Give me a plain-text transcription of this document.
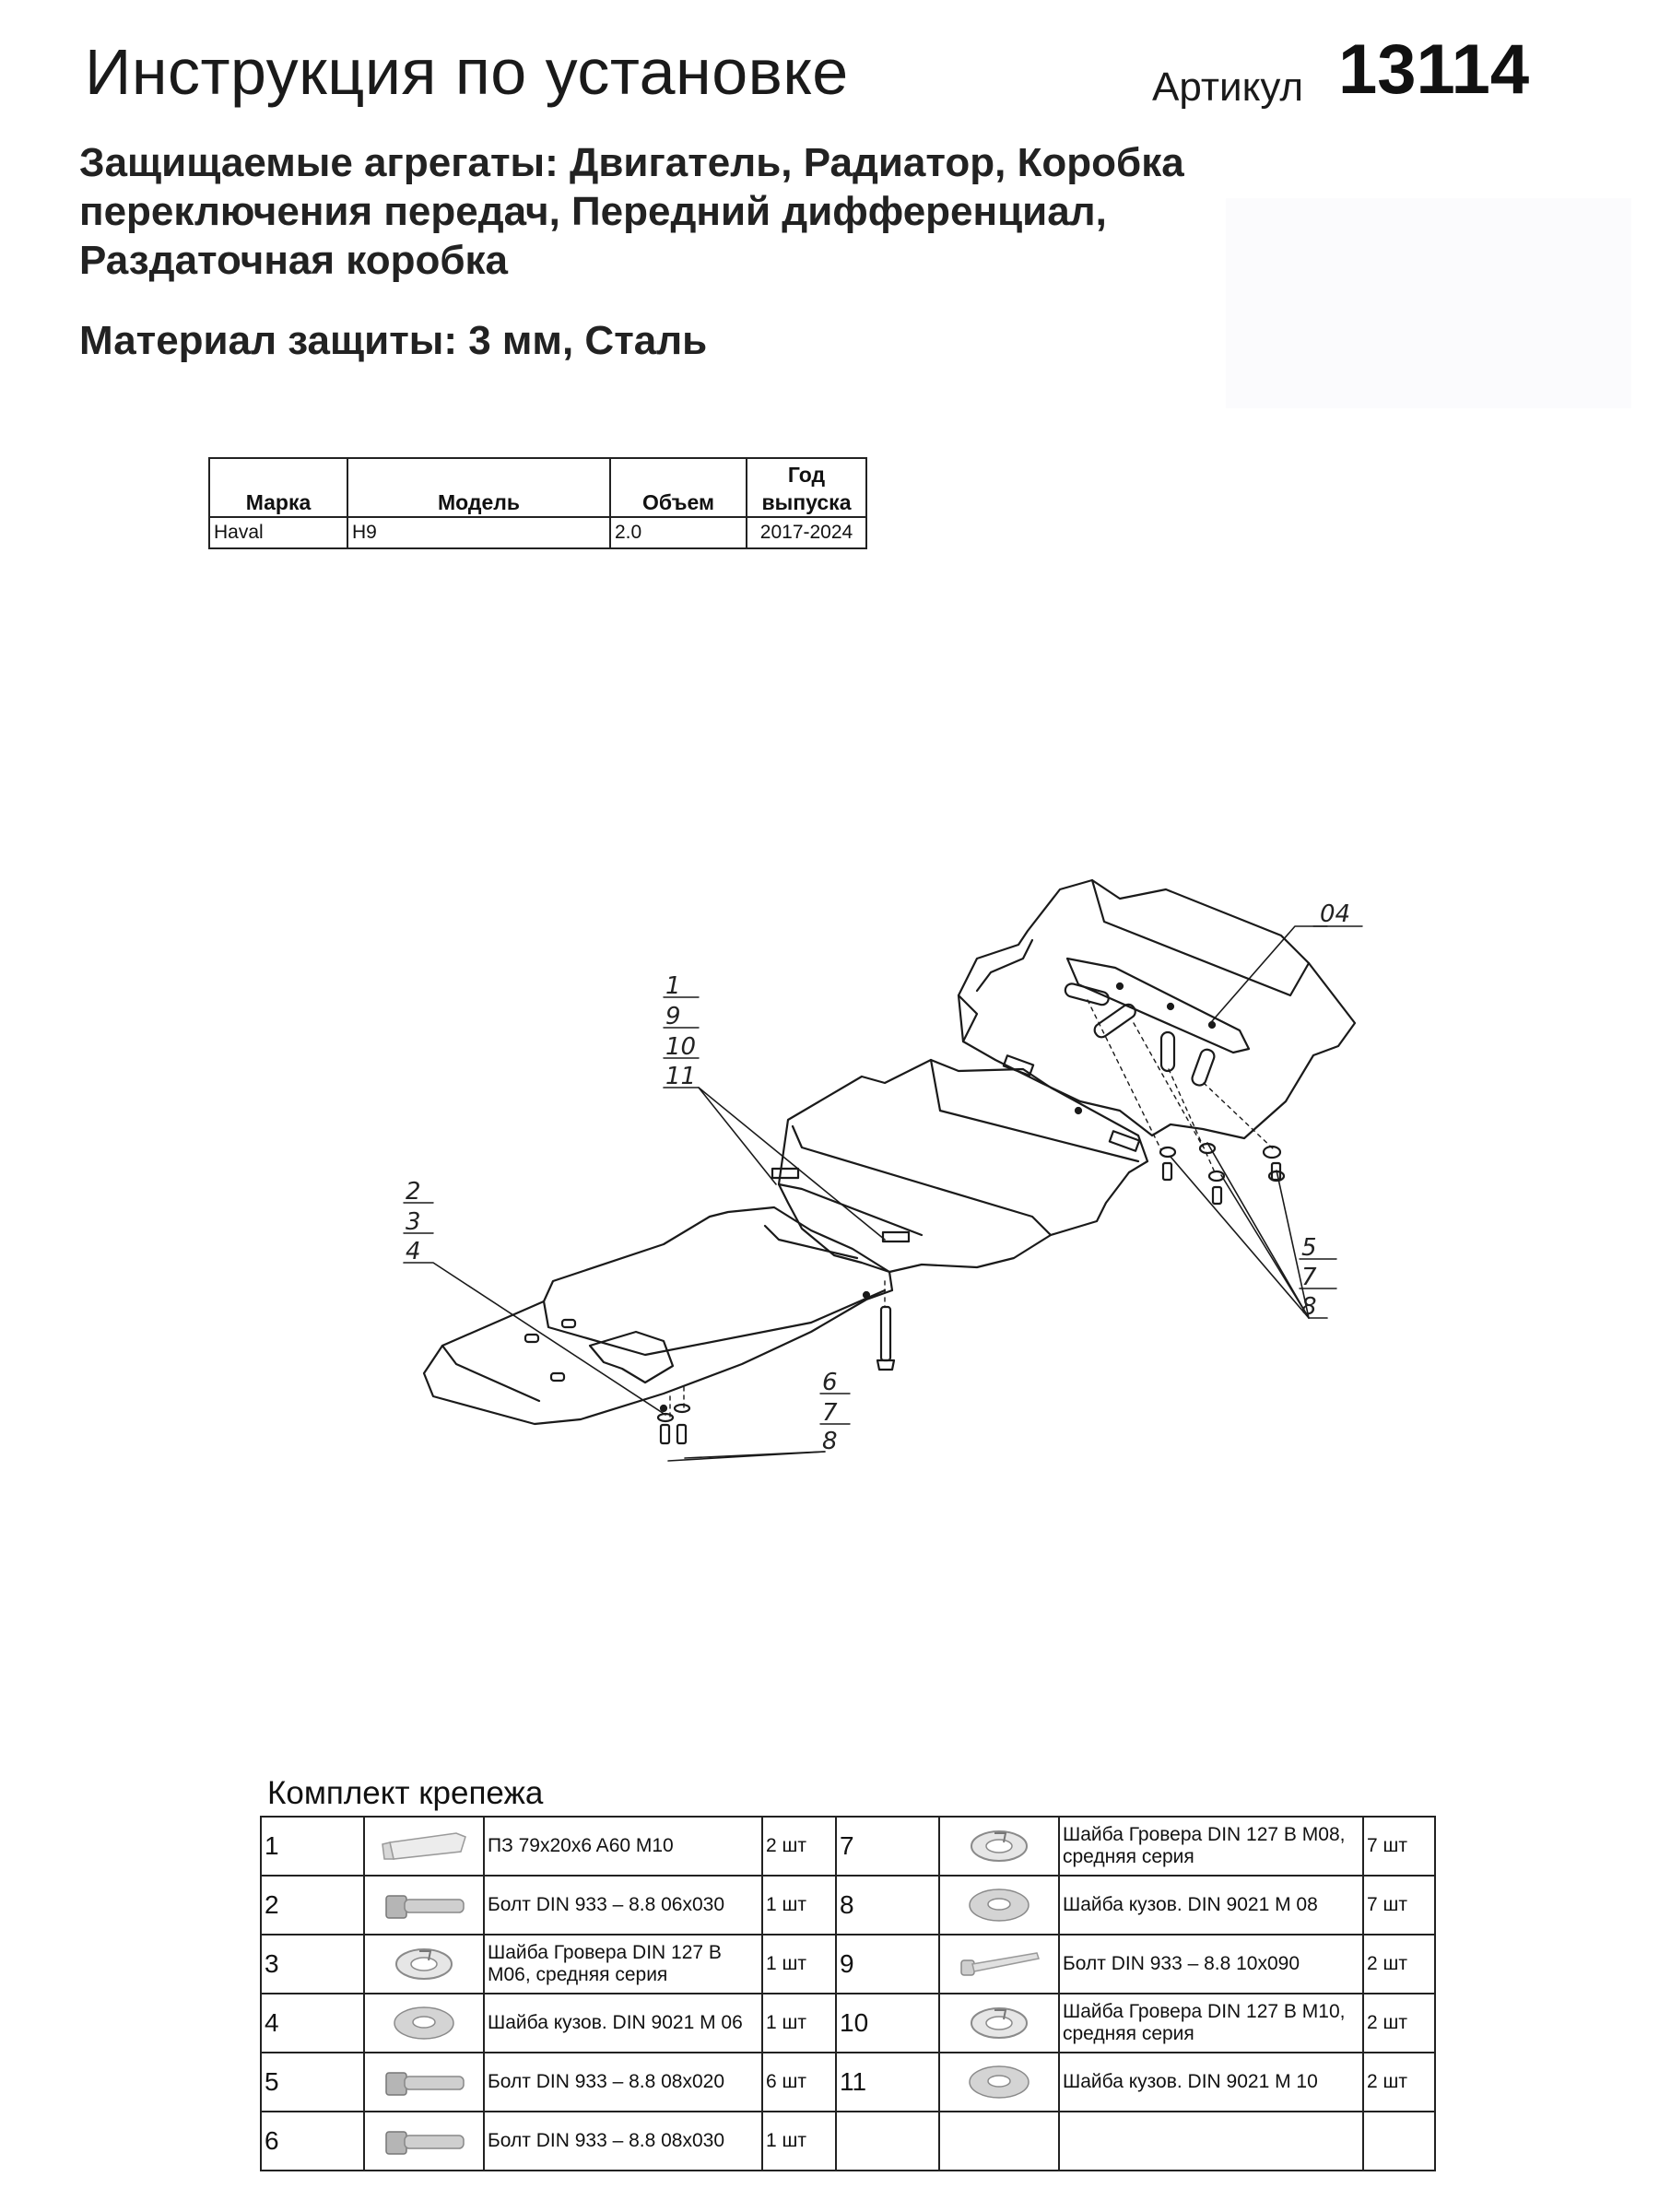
Инструкция по установке	Артикул 13114
Защищаемые агрегаты: Двигатель, Радиатор, Коробка переключения передач, Передний дифференциал, Раздаточная коробка
Материал защиты: 3 мм, Сталь
Марка	Модель	Объем	Год выпуска
Haval	H9	2.0	2017-2024
1
9
10
11
04
2
3
4	5
7
8
6
7
8
Комплект крепежа
1		ПЗ 79x20x6 A60 M10	2 шт	7		Шайба Гровера DIN 127 B M08, средняя серия	7 шт
2		Болт DIN 933 – 8.8 06x030	1 шт	8		Шайба кузов. DIN 9021 M 08	7 шт
3		Шайба Гровера DIN 127 B M06, средняя серия	1 шт	9		Болт DIN 933 – 8.8 10x090	2 шт
4		Шайба кузов. DIN 9021 M 06	1 шт	10		Шайба Гровера DIN 127 B M10, средняя серия	2 шт
5		Болт DIN 933 – 8.8 08x020	6 шт	11		Шайба кузов. DIN 9021 M 10	2 шт
6		Болт DIN 933 – 8.8 08x030	1 шт				
